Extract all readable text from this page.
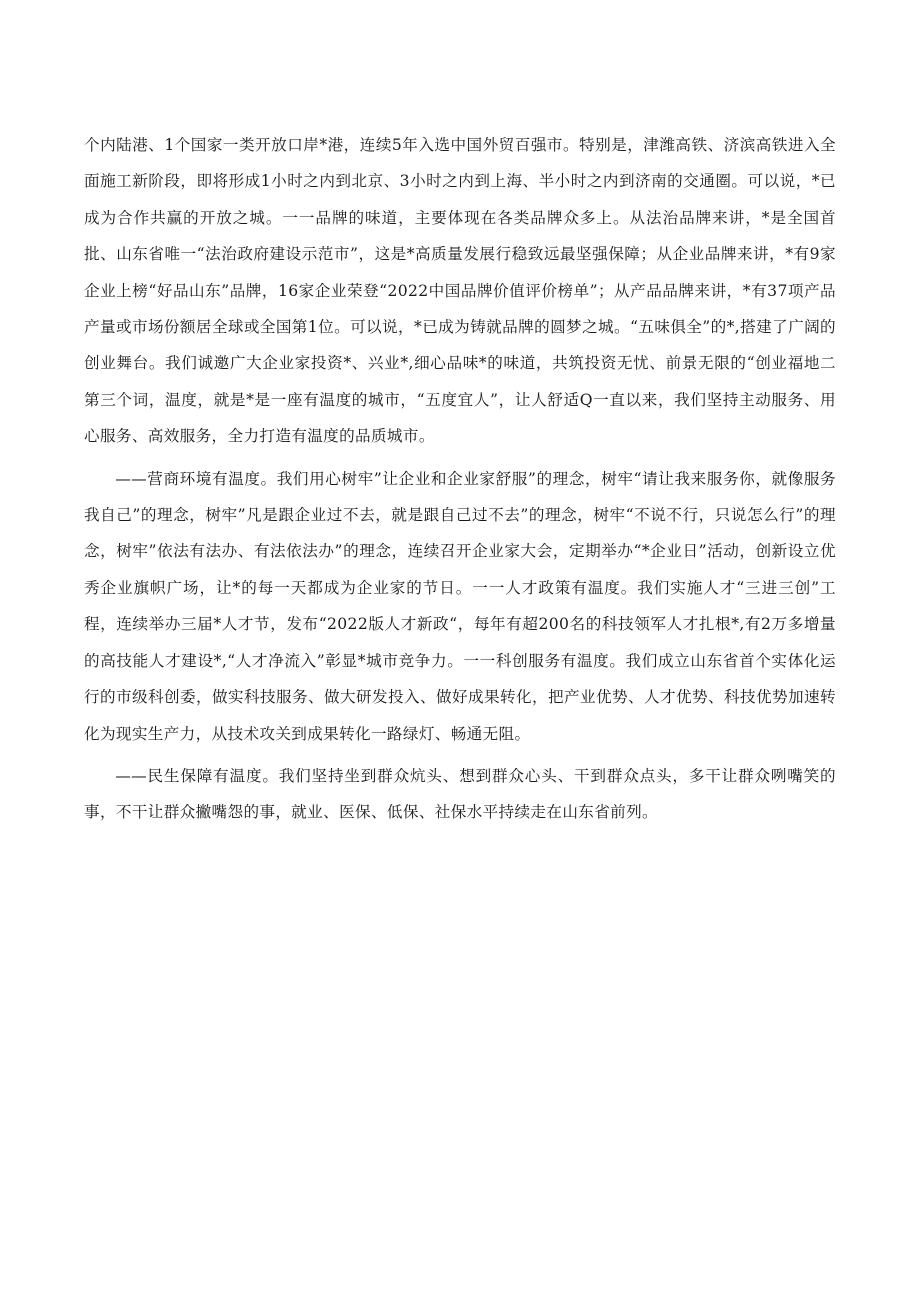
个内陆港、1个国家一类开放口岸*港，连续5年入选中国外贸百强市。特别是，津潍高铁、济滨高铁进入全面施工新阶段，即将形成1小时之内到北京、3小时之内到上海、半小时之内到济南的交通圈。可以说，*已成为合作共赢的开放之城。一一品牌的味道，主要体现在各类品牌众多上。从法治品牌来讲，*是全国首批、山东省唯一“法治政府建设示范市”，这是*高质量发展行稳致远最坚强保障；从企业品牌来讲，*有9家企业上榜“好品山东”品牌，16家企业荣登“2022中国品牌价值评价榜单”；从产品品牌来讲，*有37项产品产量或市场份额居全球或全国第1位。可以说，*已成为铸就品牌的圆梦之城。“五味俱全”的*,搭建了广阔的创业舞台。我们诚邀广大企业家投资*、兴业*,细心品味*的味道，共筑投资无忧、前景无限的“创业福地二第三个词，温度，就是*是一座有温度的城市，“五度宜人”，让人舒适Q一直以来，我们坚持主动服务、用心服务、高效服务，全力打造有温度的品质城市。

——营商环境有温度。我们用心树牢”让企业和企业家舒服”的理念，树牢“请让我来服务你，就像服务我自己”的理念，树牢”凡是跟企业过不去，就是跟自己过不去”的理念，树牢“不说不行，只说怎么行”的理念，树牢”依法有法办、有法依法办”的理念，连续召开企业家大会，定期举办“*企业日”活动，创新设立优秀企业旗帜广场，让*的每一天都成为企业家的节日。一一人才政策有温度。我们实施人才“三进三创”工程，连续举办三届*人才节，发布“2022版人才新政“，每年有超200名的科技领军人才扎根*,有2万多增量的高技能人才建设*,“人才净流入”彰显*城市竞争力。一一科创服务有温度。我们成立山东省首个实体化运行的市级科创委，做实科技服务、做大研发投入、做好成果转化，把产业优势、人才优势、科技优势加速转化为现实生产力，从技术攻关到成果转化一路绿灯、畅通无阻。

——民生保障有温度。我们坚持坐到群众炕头、想到群众心头、干到群众点头，多干让群众咧嘴笑的事，不干让群众撇嘴怨的事，就业、医保、低保、社保水平持续走在山东省前列。
